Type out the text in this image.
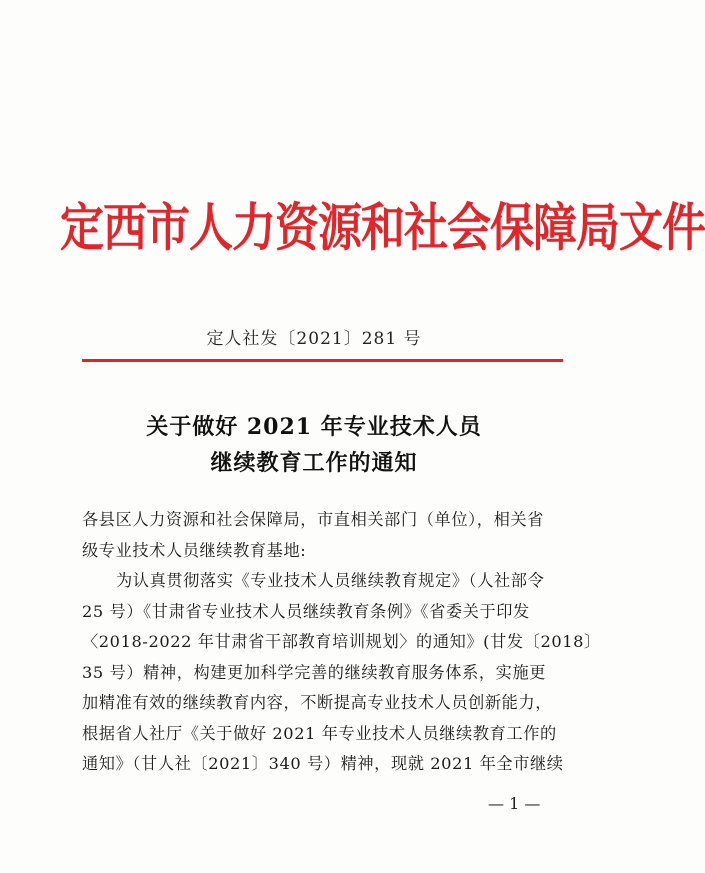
定西市人力资源和社会保障局文件
定人社发〔2021〕281 号
关于做好 2021 年专业技术人员
继续教育工作的通知
各县区人力资源和社会保障局，市直相关部门（单位），相关省
级专业技术人员继续教育基地:
为认真贯彻落实《专业技术人员继续教育规定》（人社部令
25 号）《甘肃省专业技术人员继续教育条例》《省委关于印发
〈2018-2022 年甘肃省干部教育培训规划〉的通知》(甘发〔2018〕
35 号）精神，构建更加科学完善的继续教育服务体系，实施更
加精准有效的继续教育内容，不断提高专业技术人员创新能力，
根据省人社厅《关于做好 2021 年专业技术人员继续教育工作的
通知》（甘人社〔2021〕340 号）精神，现就 2021 年全市继续
— 1 —
